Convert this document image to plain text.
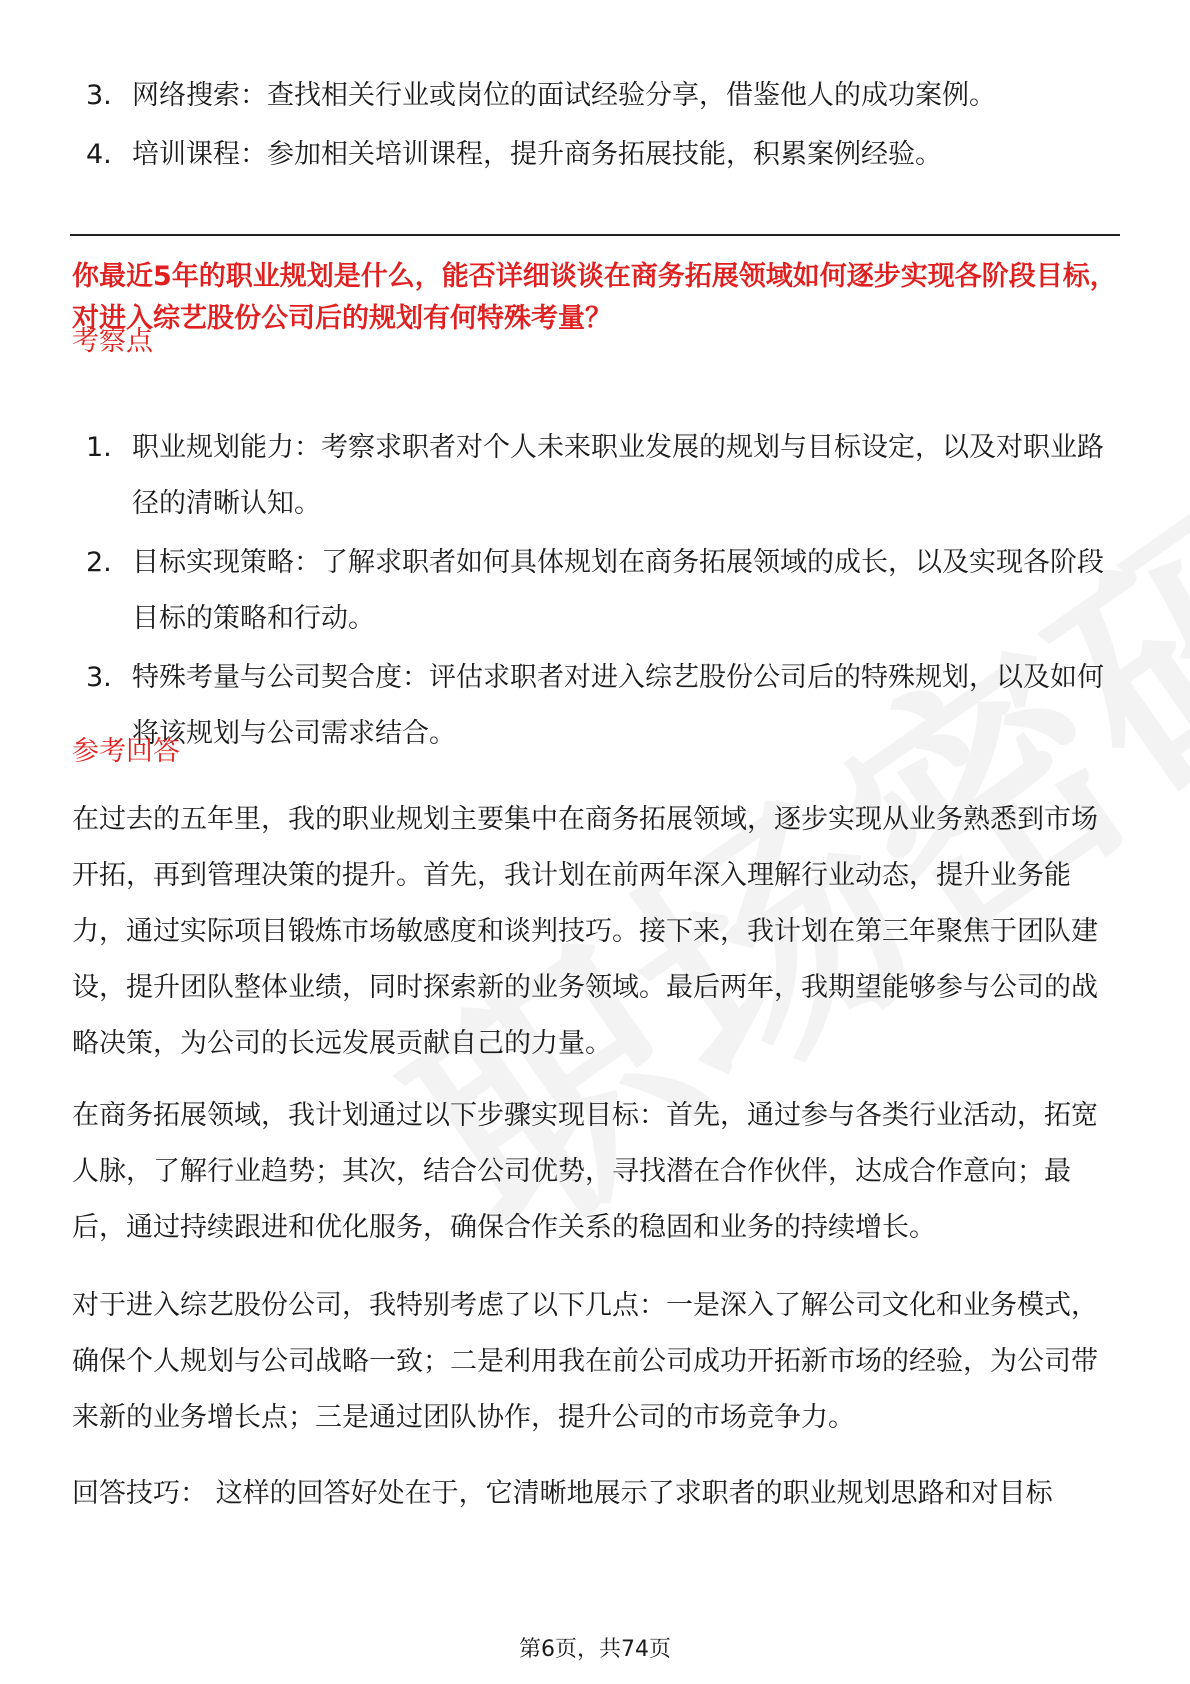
3. 网络搜索：查找相关行业或岗位的面试经验分享，借鉴他人的成功案例。
4. 培训课程：参加相关培训课程，提升商务拓展技能，积累案例经验。
你最近5年的职业规划是什么，能否详细谈谈在商务拓展领域如何逐步实现各阶段目标，对进入综艺股份公司后的规划有何特殊考量？
考察点
1. 职业规划能力：考察求职者对个人未来职业发展的规划与目标设定，以及对职业路径的清晰认知。
2. 目标实现策略：了解求职者如何具体规划在商务拓展领域的成长，以及实现各阶段目标的策略和行动。
3. 特殊考量与公司契合度：评估求职者对进入综艺股份公司后的特殊规划，以及如何将该规划与公司需求结合。
参考回答

在过去的五年里，我的职业规划主要集中在商务拓展领域，逐步实现从业务熟悉到市场开拓，再到管理决策的提升。首先，我计划在前两年深入理解行业动态，提升业务能力，通过实际项目锻炼市场敏感度和谈判技巧。接下来，我计划在第三年聚焦于团队建设，提升团队整体业绩，同时探索新的业务领域。最后两年，我期望能够参与公司的战略决策，为公司的长远发展贡献自己的力量。

在商务拓展领域，我计划通过以下步骤实现目标：首先，通过参与各类行业活动，拓宽人脉，了解行业趋势；其次，结合公司优势，寻找潜在合作伙伴，达成合作意向；最后，通过持续跟进和优化服务，确保合作关系的稳固和业务的持续增长。

对于进入综艺股份公司，我特别考虑了以下几点：一是深入了解公司文化和业务模式，确保个人规划与公司战略一致；二是利用我在前公司成功开拓新市场的经验，为公司带来新的业务增长点；三是通过团队协作，提升公司的市场竞争力。

回答技巧： 这样的回答好处在于，它清晰地展示了求职者的职业规划思路和对目标

第6页，共74页
